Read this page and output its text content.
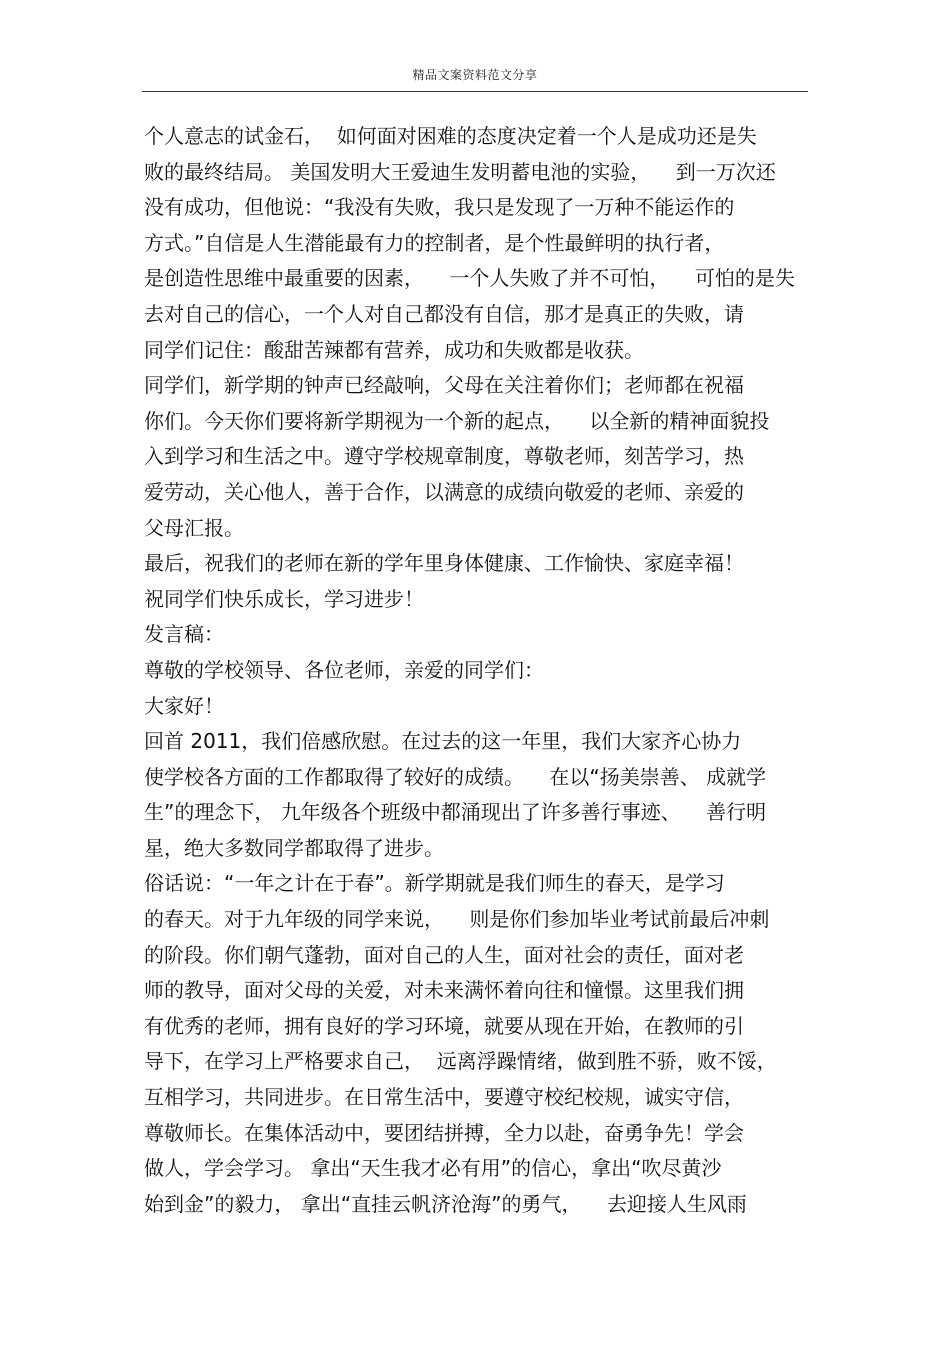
精品文案资料范文分享
个人意志的试金石，  如何面对困难的态度决定着一个人是成功还是失
败的最终结局。 美国发明大王爱迪生发明蓄电池的实验，    到一万次还
没有成功，但他说：“我没有失败，我只是发现了一万种不能运作的
方式。”自信是人生潜能最有力的控制者，是个性最鲜明的执行者，
是创造性思维中最重要的因素，    一个人失败了并不可怕，    可怕的是失
去对自己的信心，一个人对自己都没有自信，那才是真正的失败，请
同学们记住：酸甜苦辣都有营养，成功和失败都是收获。
同学们，新学期的钟声已经敲响，父母在关注着你们；老师都在祝福
你们。今天你们要将新学期视为一个新的起点，    以全新的精神面貌投
入到学习和生活之中。遵守学校规章制度，尊敬老师，刻苦学习，热
爱劳动，关心他人，善于合作，以满意的成绩向敬爱的老师、亲爱的
父母汇报。
最后，祝我们的老师在新的学年里身体健康、工作愉快、家庭幸福！
祝同学们快乐成长，学习进步！
发言稿：
尊敬的学校领导、各位老师，亲爱的同学们：
大家好！
回首 2011，我们倍感欣慰。在过去的这一年里，我们大家齐心协力
使学校各方面的工作都取得了较好的成绩。    在以“扬美崇善、 成就学
生”的理念下， 九年级各个班级中都涌现出了许多善行事迹、    善行明
星，绝大多数同学都取得了进步。
俗话说：“一年之计在于春”。新学期就是我们师生的春天，是学习
的春天。对于九年级的同学来说，    则是你们参加毕业考试前最后冲刺
的阶段。你们朝气蓬勃，面对自己的人生，面对社会的责任，面对老
师的教导，面对父母的关爱，对未来满怀着向往和憧憬。这里我们拥
有优秀的老师，拥有良好的学习环境，就要从现在开始，在教师的引
导下，在学习上严格要求自己，  远离浮躁情绪，做到胜不骄，败不馁，
互相学习，共同进步。在日常生活中，要遵守校纪校规，诚实守信，
尊敬师长。在集体活动中，要团结拼搏，全力以赴，奋勇争先！学会
做人，学会学习。 拿出“天生我才必有用”的信心，拿出“吹尽黄沙
始到金”的毅力， 拿出“直挂云帆济沧海”的勇气，    去迎接人生风雨
